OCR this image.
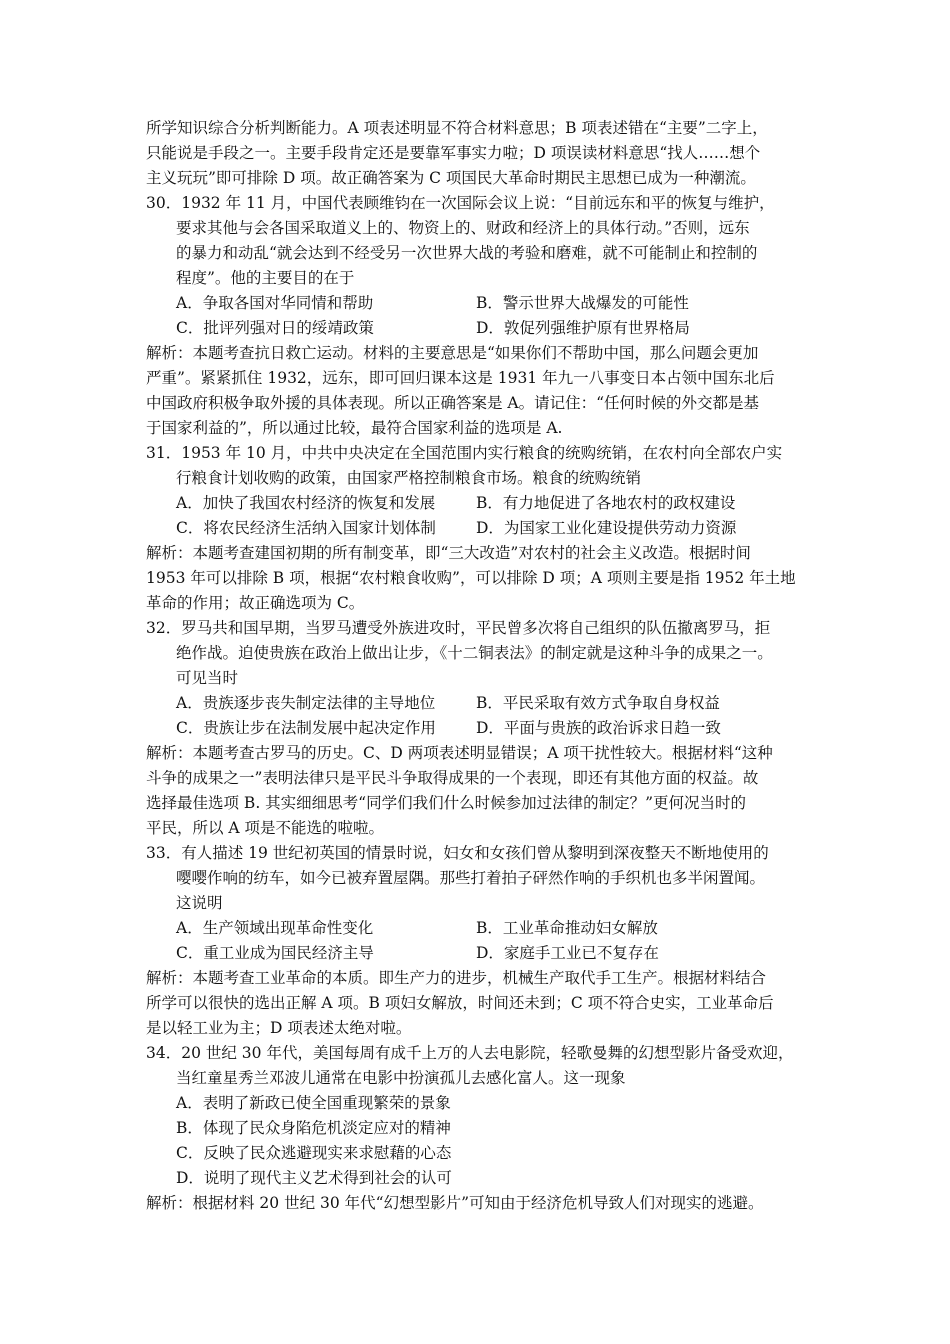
所学知识综合分析判断能力。A 项表述明显不符合材料意思；B 项表述错在“主要”二字上，
只能说是手段之一。主要手段肯定还是要靠军事实力啦；D 项误读材料意思“找人……想个
主义玩玩”即可排除 D 项。故正确答案为 C 项国民大革命时期民主思想已成为一种潮流。
30．1932 年 11 月，中国代表顾维钧在一次国际会议上说：“目前远东和平的恢复与维护，
要求其他与会各国采取道义上的、物资上的、财政和经济上的具体行动。”否则，远东
的暴力和动乱“就会达到不经受另一次世界大战的考验和磨难，就不可能制止和控制的
程度”。他的主要目的在于
A．争取各国对华同情和帮助	B．警示世界大战爆发的可能性
C．批评列强对日的绥靖政策	D．敦促列强维护原有世界格局
解析：本题考查抗日救亡运动。材料的主要意思是“如果你们不帮助中国，那么问题会更加
严重”。紧紧抓住 1932，远东，即可回归课本这是 1931 年九一八事变日本占领中国东北后
中国政府积极争取外援的具体表现。所以正确答案是 A。请记住：“任何时候的外交都是基
于国家利益的”，所以通过比较，最符合国家利益的选项是 A.
31．1953 年 10 月，中共中央决定在全国范围内实行粮食的统购统销，在农村向全部农户实
行粮食计划收购的政策，由国家严格控制粮食市场。粮食的统购统销
A．加快了我国农村经济的恢复和发展	B．有力地促进了各地农村的政权建设
C．将农民经济生活纳入国家计划体制	D．为国家工业化建设提供劳动力资源
解析：本题考查建国初期的所有制变革，即“三大改造”对农村的社会主义改造。根据时间
1953 年可以排除 B 项，根据“农村粮食收购”，可以排除 D 项；A 项则主要是指 1952 年土地
革命的作用；故正确选项为 C。
32．罗马共和国早期，当罗马遭受外族进攻时，平民曾多次将自己组织的队伍撤离罗马，拒
绝作战。迫使贵族在政治上做出让步，《十二铜表法》的制定就是这种斗争的成果之一。
可见当时
A．贵族逐步丧失制定法律的主导地位	B．平民采取有效方式争取自身权益
C．贵族让步在法制发展中起决定作用	D．平面与贵族的政治诉求日趋一致
解析：本题考查古罗马的历史。C、D 两项表述明显错误；A 项干扰性较大。根据材料“这种
斗争的成果之一”表明法律只是平民斗争取得成果的一个表现，即还有其他方面的权益。故
选择最佳选项 B. 其实细细思考“同学们我们什么时候参加过法律的制定？”更何况当时的
平民，所以 A 项是不能选的啦啦。
33．有人描述 19 世纪初英国的情景时说，妇女和女孩们曾从黎明到深夜整天不断地使用的
嘤嘤作响的纺车，如今已被弃置屋隅。那些打着拍子砰然作响的手织机也多半闲置闻。
这说明
A．生产领域出现革命性变化	B．工业革命推动妇女解放
C．重工业成为国民经济主导	D．家庭手工业已不复存在
解析：本题考查工业革命的本质。即生产力的进步，机械生产取代手工生产。根据材料结合
所学可以很快的选出正解 A 项。B 项妇女解放，时间还未到；C 项不符合史实，工业革命后
是以轻工业为主；D 项表述太绝对啦。
34．20 世纪 30 年代，美国每周有成千上万的人去电影院，轻歌曼舞的幻想型影片备受欢迎，
当红童星秀兰邓波儿通常在电影中扮演孤儿去感化富人。这一现象
A．表明了新政已使全国重现繁荣的景象
B．体现了民众身陷危机淡定应对的精神
C．反映了民众逃避现实来求慰藉的心态
D．说明了现代主义艺术得到社会的认可
解析：根据材料 20 世纪 30 年代“幻想型影片”可知由于经济危机导致人们对现实的逃避。
